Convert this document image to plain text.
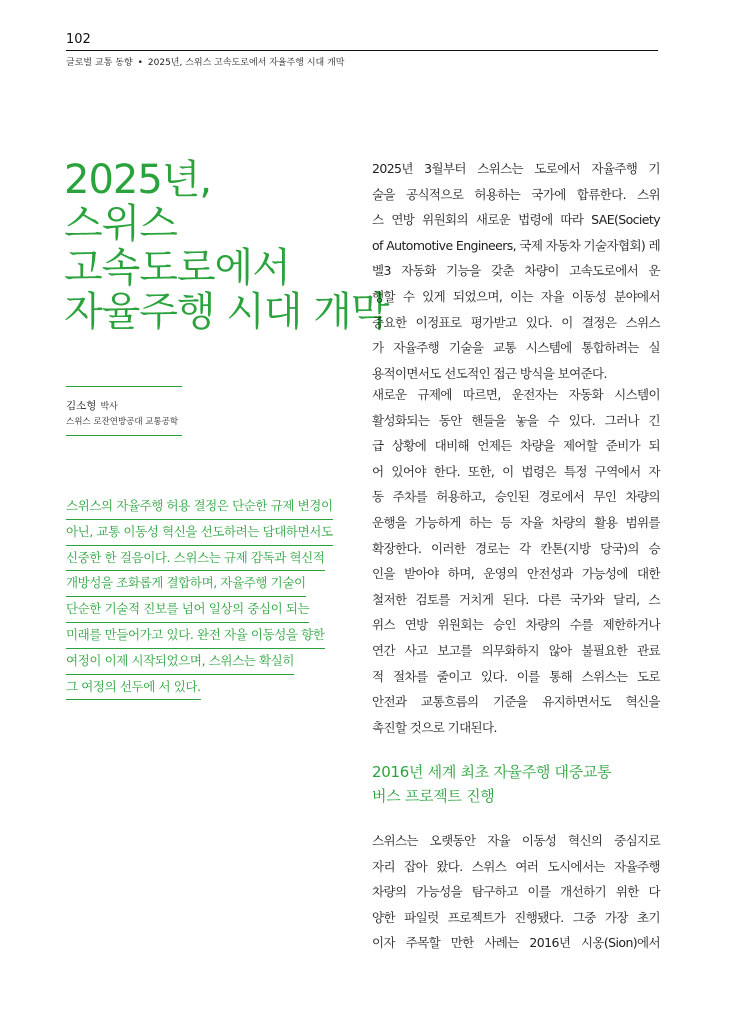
102
글로벌 교통 동향 • 2025년, 스위스 고속도로에서 자율주행 시대 개막
2025년,
스위스
고속도로에서
자율주행 시대 개막
김소형 박사
스위스 로잔연방공대 교통공학
스위스의 자율주행 허용 결정은 단순한 규제 변경이
아닌, 교통 이동성 혁신을 선도하려는 담대하면서도
신중한 한 걸음이다. 스위스는 규제 감독과 혁신적
개방성을 조화롭게 결합하며, 자율주행 기술이
단순한 기술적 진보를 넘어 일상의 중심이 되는
미래를 만들어가고 있다. 완전 자율 이동성을 향한
여정이 이제 시작되었으며, 스위스는 확실히
그 여정의 선두에 서 있다.
2025년 3월부터 스위스는 도로에서 자율주행 기
술을 공식적으로 허용하는 국가에 합류한다. 스위
스 연방 위원회의 새로운 법령에 따라 SAE(Society
of Automotive Engineers, 국제 자동차 기술자협회) 레
벨3 자동화 기능을 갖춘 차량이 고속도로에서 운
행할 수 있게 되었으며, 이는 자율 이동성 분야에서
중요한 이정표로 평가받고 있다. 이 결정은 스위스
가 자율주행 기술을 교통 시스템에 통합하려는 실
용적이면서도 선도적인 접근 방식을 보여준다.
새로운 규제에 따르면, 운전자는 자동화 시스템이
활성화되는 동안 핸들을 놓을 수 있다. 그러나 긴
급 상황에 대비해 언제든 차량을 제어할 준비가 되
어 있어야 한다. 또한, 이 법령은 특정 구역에서 자
동 주차를 허용하고, 승인된 경로에서 무인 차량의
운행을 가능하게 하는 등 자율 차량의 활용 범위를
확장한다. 이러한 경로는 각 칸톤(지방 당국)의 승
인을 받아야 하며, 운영의 안전성과 가능성에 대한
철저한 검토를 거치게 된다. 다른 국가와 달리, 스
위스 연방 위원회는 승인 차량의 수를 제한하거나
연간 사고 보고를 의무화하지 않아 불필요한 관료
적 절차를 줄이고 있다. 이를 통해 스위스는 도로
안전과 교통흐름의 기준을 유지하면서도 혁신을
촉진할 것으로 기대된다.
2016년 세계 최초 자율주행 대중교통
버스 프로젝트 진행
스위스는 오랫동안 자율 이동성 혁신의 중심지로
자리 잡아 왔다. 스위스 여러 도시에서는 자율주행
차량의 가능성을 탐구하고 이를 개선하기 위한 다
양한 파일럿 프로젝트가 진행됐다. 그중 가장 초기
이자 주목할 만한 사례는 2016년 시옹(Sion)에서
